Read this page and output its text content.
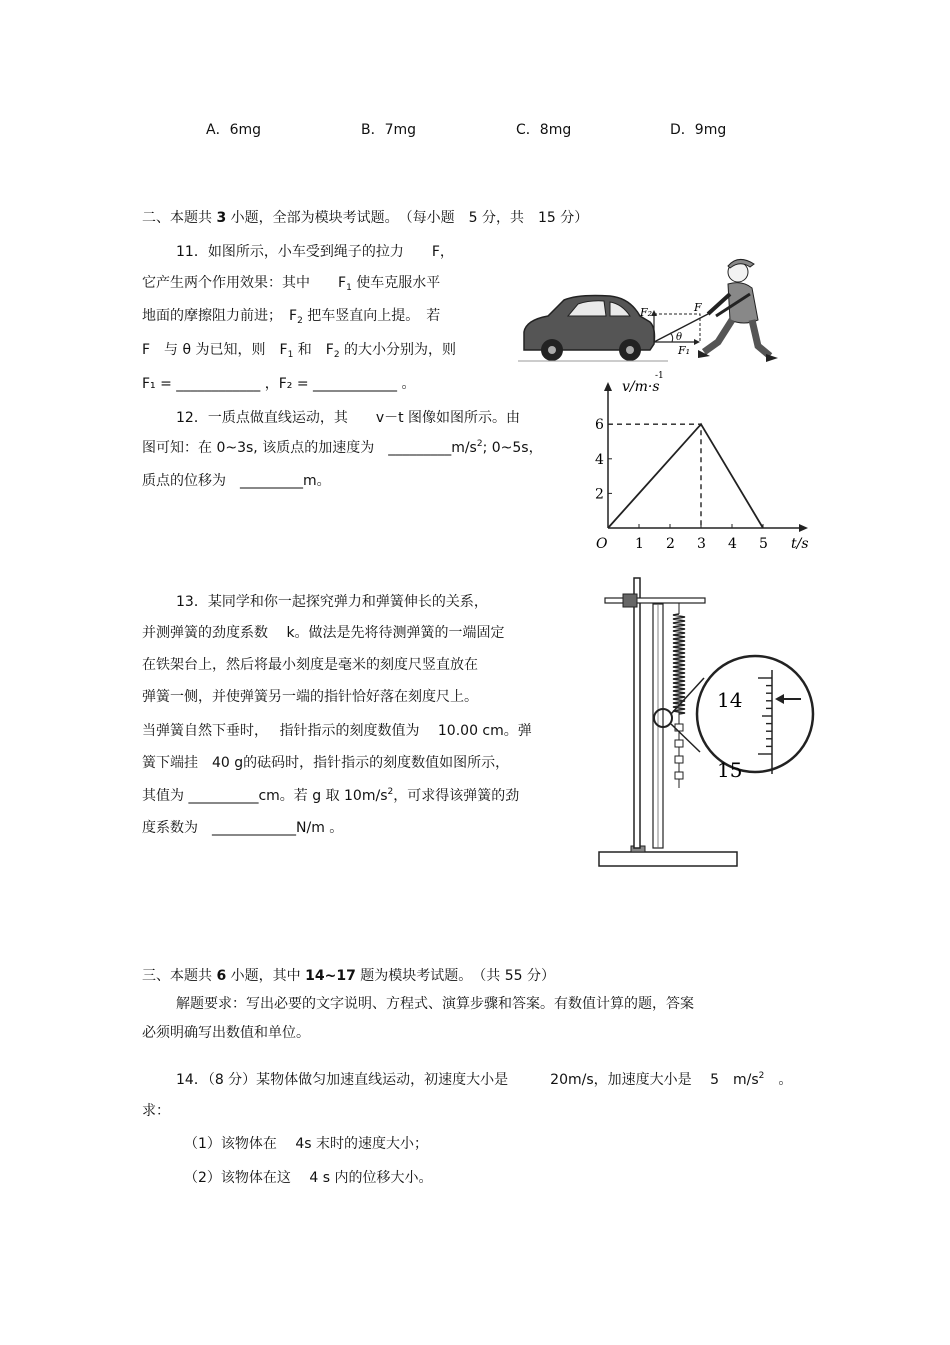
A．6mg	B．7mg	C．8mg	D．9mg
二、本题共 3 小题，全部为模块考试题。　 （每小题　5 分，共　15 分）
11．如图所示，小车受到绳子的拉力　　F，
它产生两个作用效果：其中　　$F_1$ 使车克服水平
地面的摩擦阻力前进；　$F_2$ 把车竖直向上提。　若
F　与 θ 为已知，则　$F_1$ 和　$F_2$ 的大小分别为，则
F₁ = ____________ ，F₂ = ____________ 。
F₂	F
θ
F₁
12．一质点做直线运动，其　　v－t 图像如图所示。由
图可知：在 0~3s, 该质点的加速度为　$\_\_\_\_\_\_\_\_\_m/s^2$; 0~5s，
质点的位移为　_________m。
v/m·s
-1
t/s
O 1 2 3 4 5
2
4
6
13．某同学和你一起探究弹力和弹簧伸长的关系，
并测弹簧的劲度系数　 k。做法是先将待测弹簧的一端固定
在铁架台上，然后将最小刻度是毫米的刻度尺竖直放在
弹簧一侧，并使弹簧另一端的指针恰好落在刻度尺上。
当弹簧自然下垂时，　 指针指示的刻度数值为　 10.00 cm。弹
簧下端挂　40 g的砝码时，指针指示的刻度数值如图所示，
其值为 __________cm。若 g 取 $10m/s^2$，可求得该弹簧的劲
度系数为　____________N/m 。
14
15
三、本题共 6 小题，其中 14~17 题为模块考试题。　（共 55 分）
解题要求：写出必要的文字说明、方程式、演算步骤和答案。有数值计算的题，答案
必须明确写出数值和单位。
14．（8 分）某物体做匀加速直线运动，初速度大小是　　　20m/s，加速度大小是　 5　$m/s^2$　。
求：
（1）该物体在　 4s 末时的速度大小；
（2）该物体在这　 4 s 内的位移大小。
